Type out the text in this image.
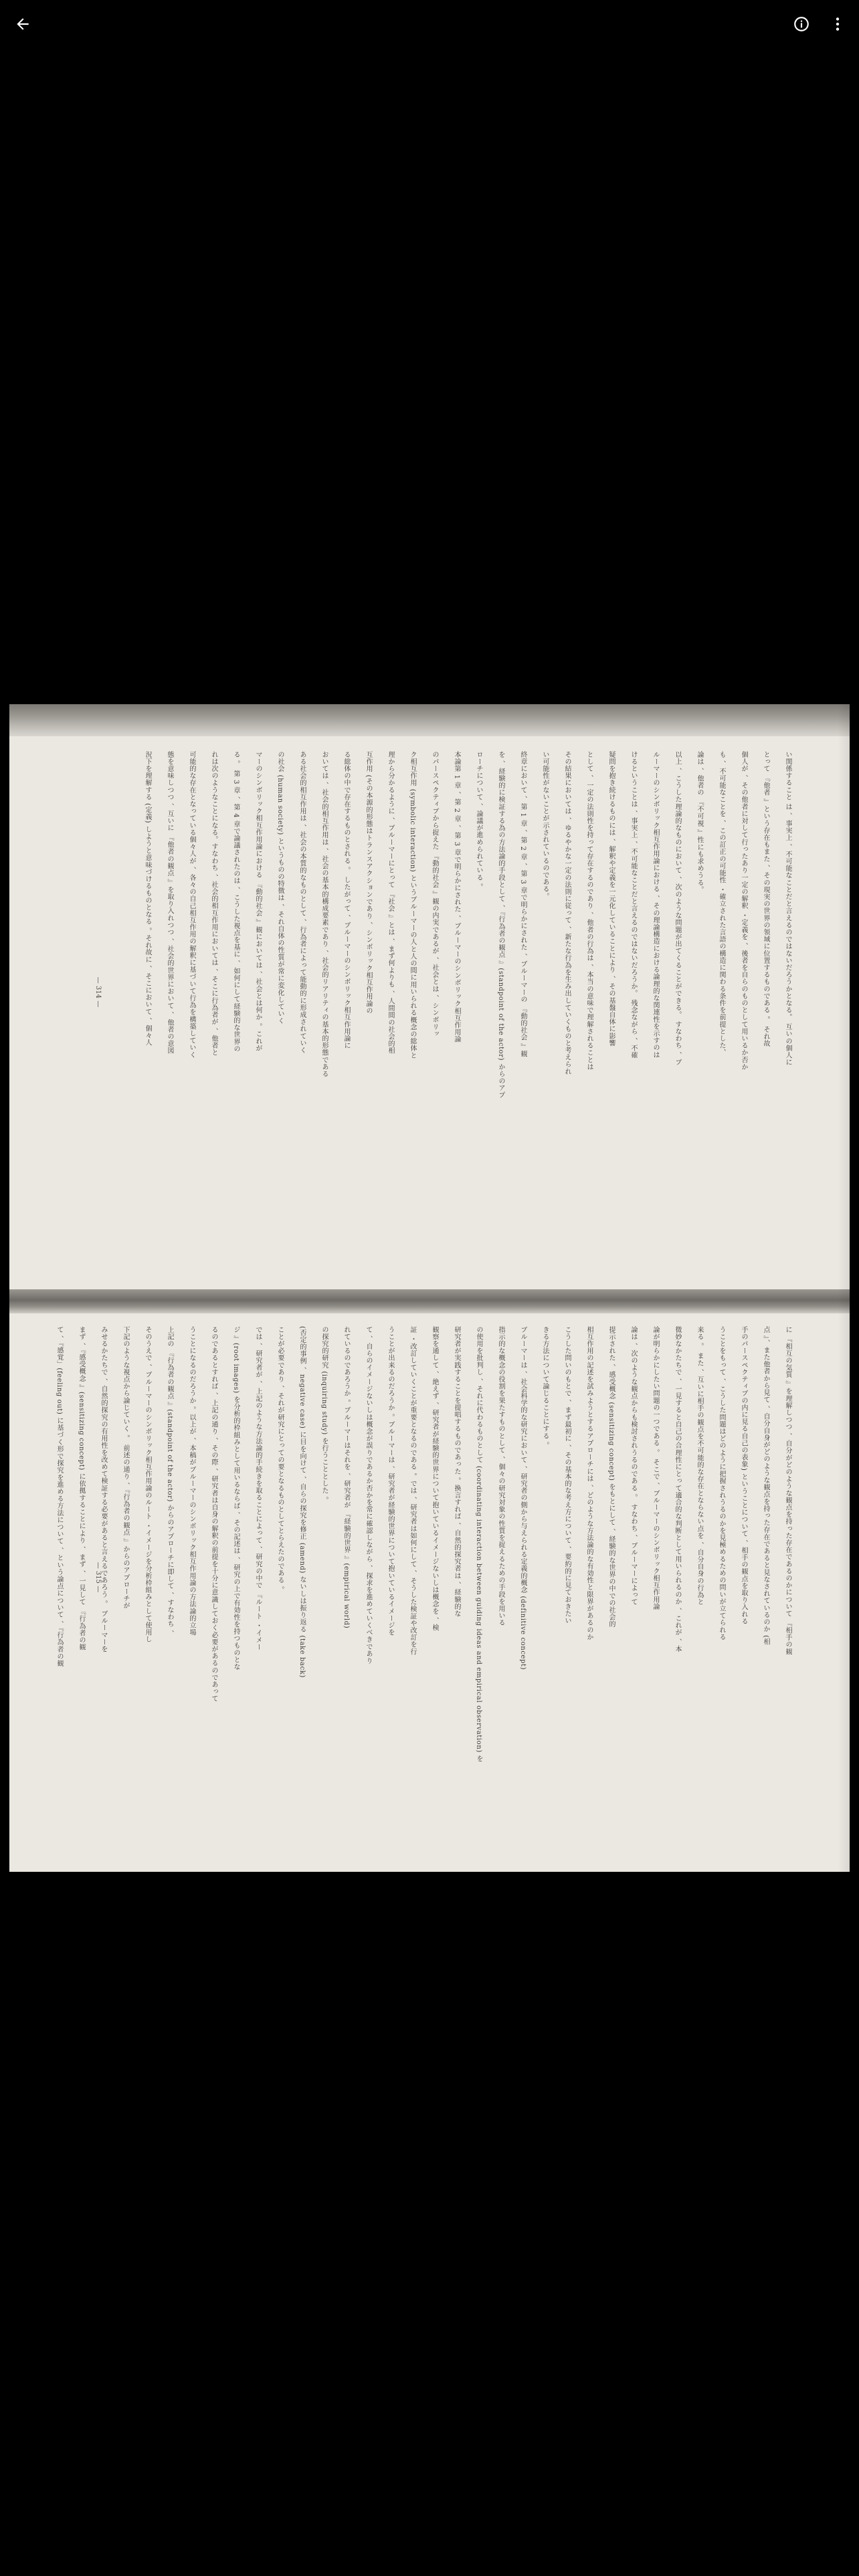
い関係すること は 、事実上 、不可能なことだと言えるのではないだろうかとなる。 互いの個人に
とって 『他者 』という存在もまた 、その現実の世界の領域に位置するものである 。 それ故
個人が 、その他者に対して行ったあり一定の解釈 ・定義を 、後者を自らのものとして用いるか否か
も 、不可能なことを 、この訂正の可能性 ・確立された言語の構造に関わる条件を前提とした、
論は 、他者の 『不可視 』性にも求めうる。
以上 、こうした理論的なものにおいて 、次のような問題が出てくることができる。 すなわち 、ブ
ルーマーのシンボリック相互作用論における 、その理論構造における論理的な関連性を示すのは
けるということは 、事実上 、不可能なことだと言えるのではないだろうか。 残念ながら 、不確
疑問を抱き続けるものには 、解釈や定義を一元化していることにより 、その基盤自体に影響
として 、一定の法則性を持って存在するのであり 、他者の行為は 、本当の意味で理解されることは
その結果においては 、ゆるやかな一定の法則に従って 、新たな行為を生み出していくものと考えられ
い可能性がないことが示されているのである。
終章において 、第 1 章 、第 2 章 、第 3 章で明らかにされた 、ブルーマーの 『動的社会 』観
を 、経験的に検証する為の方法論的手段として 、『行為者の観点 』(standpoint of the actor) からのアプ
ローチについて 、論議が進められている 。
本論第 1 章 、第 2 章 、第 3 章で明らかにされた 、ブルーマーのシンボリック相互作用論
のパースペクティブから捉えた 『動的社会 』観の内実であるが 、社会とは 、シンボリッ
ク相互作用 (symbolic interaction) というブルーマーの人と人の間に用いられる概念の総体と
理から分かるように 、ブルーマーにとって 『社会 』とは 、まず何よりも 、人間間の社会的相
互作用 (その本源的形態はトランスアクションであり 、シンボリック相互作用論の
る総体の中で存在するものとされる 。 したがって 、ブルーマーのシンボリック相互作用論に
おいては 、社会的相互作用は 、社会の基本的構成要素であり 、社会的リアリティの基本的形態である
ある社会的相互作用は 、社会の本質的なものとして 、行為者によって能動的に形成されていく
の社会 (human society) というものの特徴は 、それ自体の性質が常に変化していく
マーのシンボリック相互作用論における 『動的社会 』観においては 、社会とは何か 。これが
る 。 第 3 章 、第 4 章で論議されたのは 、こうした視点を基に 、如何にして経験的な世界の
れは次のようなことになる。すなわち 、社会的相互作用においては 、そこに行為者が 、他者と
可能的な存在となっている個々人が 、各々の自己相互作用の解釈に基づいて行為を構築していく
態を意味しつつ 、互いに 『他者の観点 』を取り入れつつ 、社会的世界において 、他者の意図
況下を理解する (定義) しようと意味づけるものとなる 。それ故に 、そこにおいて 、個々人
— 314 —
に 『相互の気質 』を理解しつつ 、自分がどのような観点を持った存在であるのかについて 『相手の観
点 』、また他者から見て 、自分自身がどのような観点を持った存在であると見なされているのか (相
手のパースペクティブの内に見る自己の表象) ということについて 、相手の観点を取り入れる
うことをもって 、こうした問題はどのように把握されうるのかを見極めるための問いが立てられる
来る 。 また 、互いに相手の観点を不可能的な存在とならない点を 、自分自身の行為と
微妙なかたちで 、一見すると自己の合理性にとって適合的な判断として用いられるのか 、これが 、本
論が明らかにしたい問題の一つである 。 そこで 、ブルーマーのシンボリック相互作用論
論は 、次のような観点からも検討されうるのである 。 すなわち 、ブルーマーによって
提示された 、感受概念 (sensitizing concept) をもとにして 、経験的な世界の中での社会的
相互作用の記述を試みようとするアプローチには 、どのような方法論的な有効性と限界があるのか
こうした問いのもとで 、まず最初に 、その基本的な考え方について 、要約的に見ておきたい
きる方法について論じることにする 。
ブルーマーは 、社会科学的な研究において 、研究者の側から与えられる定義的概念 (definitive concept)
指示的な概念の役割を果たすものとして 、個々の研究対象の性質を捉えるための手段を用いる
の使用を批判し 、それに代わるものとして (coordinating interaction between guiding ideas and empirical observation) を
研究者が実践することを提唱するものであった 。換言すれば 、自然的探究者は 、経験的な
観察を通して 、絶えず 、研究者が経験的世界について抱いているイメージないしは概念を 、検
証 ・改訂していくことが重要となるのである 。では 、研究者は如何にして 、そうした検証や改訂を行
うことが出来るのだろうか 。ブルーマーは 、研究者が経験的世界について抱いているイメージを
て 、自らのイメージないしは概念が誤りであるか否かを常に確認しながら 、探求を進めていくべきであり
れているのであろうか 。ブルーマーはそれを 、研究者が 『経験的世界 』(empirical world)
の探究的研究 (inquiring study) を行うこととした 。
(否定的事例 、negative case) に目を向けて 、自らの探究を修正 (amend) ないしは振り返る (take back)
ことが必要であり 、それが研究にとっての要となるものとしてとらえたのである 。
では 、研究者が 、上記のような方法論的手続きを取ることによって 、研究の中で 『ルート ・イメー
ジ 』(root images) を分析的枠組みとして用いるならば 、その記述は 、研究の上で有効性を持つものとな
るのであるとすれば 、上記の通り 、その際 、研究者は自身の解釈の前提を十分に意識しておく必要があるのであって
うことになるのだろうか 。以上が 、本稿がブルーマーのシンボリック相互作用論の方法論的立場
上記の 『行為者の観点 』(standpoint of the actor) からのアプローチに即して 、すなわち 、
そのうえで 、ブルーマーのシンボリック相互作用論のルート ・イメージを分析枠組みとして使用し
下記のような視点から論じていく 。 前述の通り 、『行為者の観点 』からのアプローチが
みせるかたちで 、自然的探究の有用性を改めて検証する必要があると言えるであろう 。 ブルーマーを
まず 、『感受概念 』(sensitizing concept) に依拠することにより 、まず 、一見して 『行為者の観
て 、『感覚」(feeling out) に基づく形で探究を進める方法について 、という論点について 、『行為者の観	— 315 —
